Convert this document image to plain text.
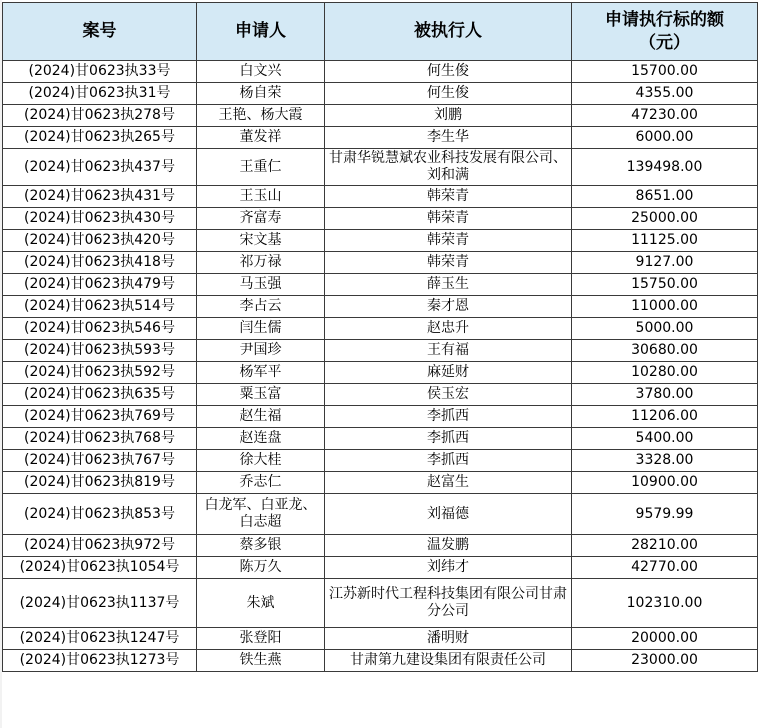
案号	申请人	被执行人	申请执行标的额
（元）
(2024)甘0623执33号	白文兴	何生俊	15700.00
(2024)甘0623执31号	杨自荣	何生俊	4355.00
(2024)甘0623执278号	王艳、杨大霞	刘鹏	47230.00
(2024)甘0623执265号	董发祥	李生华	6000.00
(2024)甘0623执437号	王重仁	甘肃华锐慧斌农业科技发展有限公司、刘和满	139498.00
(2024)甘0623执431号	王玉山	韩荣青	8651.00
(2024)甘0623执430号	齐富寿	韩荣青	25000.00
(2024)甘0623执420号	宋文基	韩荣青	11125.00
(2024)甘0623执418号	祁万禄	韩荣青	9127.00
(2024)甘0623执479号	马玉强	薛玉生	15750.00
(2024)甘0623执514号	李占云	秦才恩	11000.00
(2024)甘0623执546号	闫生儒	赵忠升	5000.00
(2024)甘0623执593号	尹国珍	王有福	30680.00
(2024)甘0623执592号	杨军平	麻延财	10280.00
(2024)甘0623执635号	粟玉富	侯玉宏	3780.00
(2024)甘0623执769号	赵生福	李抓西	11206.00
(2024)甘0623执768号	赵连盘	李抓西	5400.00
(2024)甘0623执767号	徐大桂	李抓西	3328.00
(2024)甘0623执819号	乔志仁	赵富生	10900.00
(2024)甘0623执853号	白龙军、白亚龙、白志超	刘福德	9579.99
(2024)甘0623执972号	蔡多银	温发鹏	28210.00
(2024)甘0623执1054号	陈万久	刘纬才	42770.00
(2024)甘0623执1137号	朱斌	江苏新时代工程科技集团有限公司甘肃分公司	102310.00
(2024)甘0623执1247号	张登阳	潘明财	20000.00
(2024)甘0623执1273号	铁生燕	甘肃第九建设集团有限责任公司	23000.00
